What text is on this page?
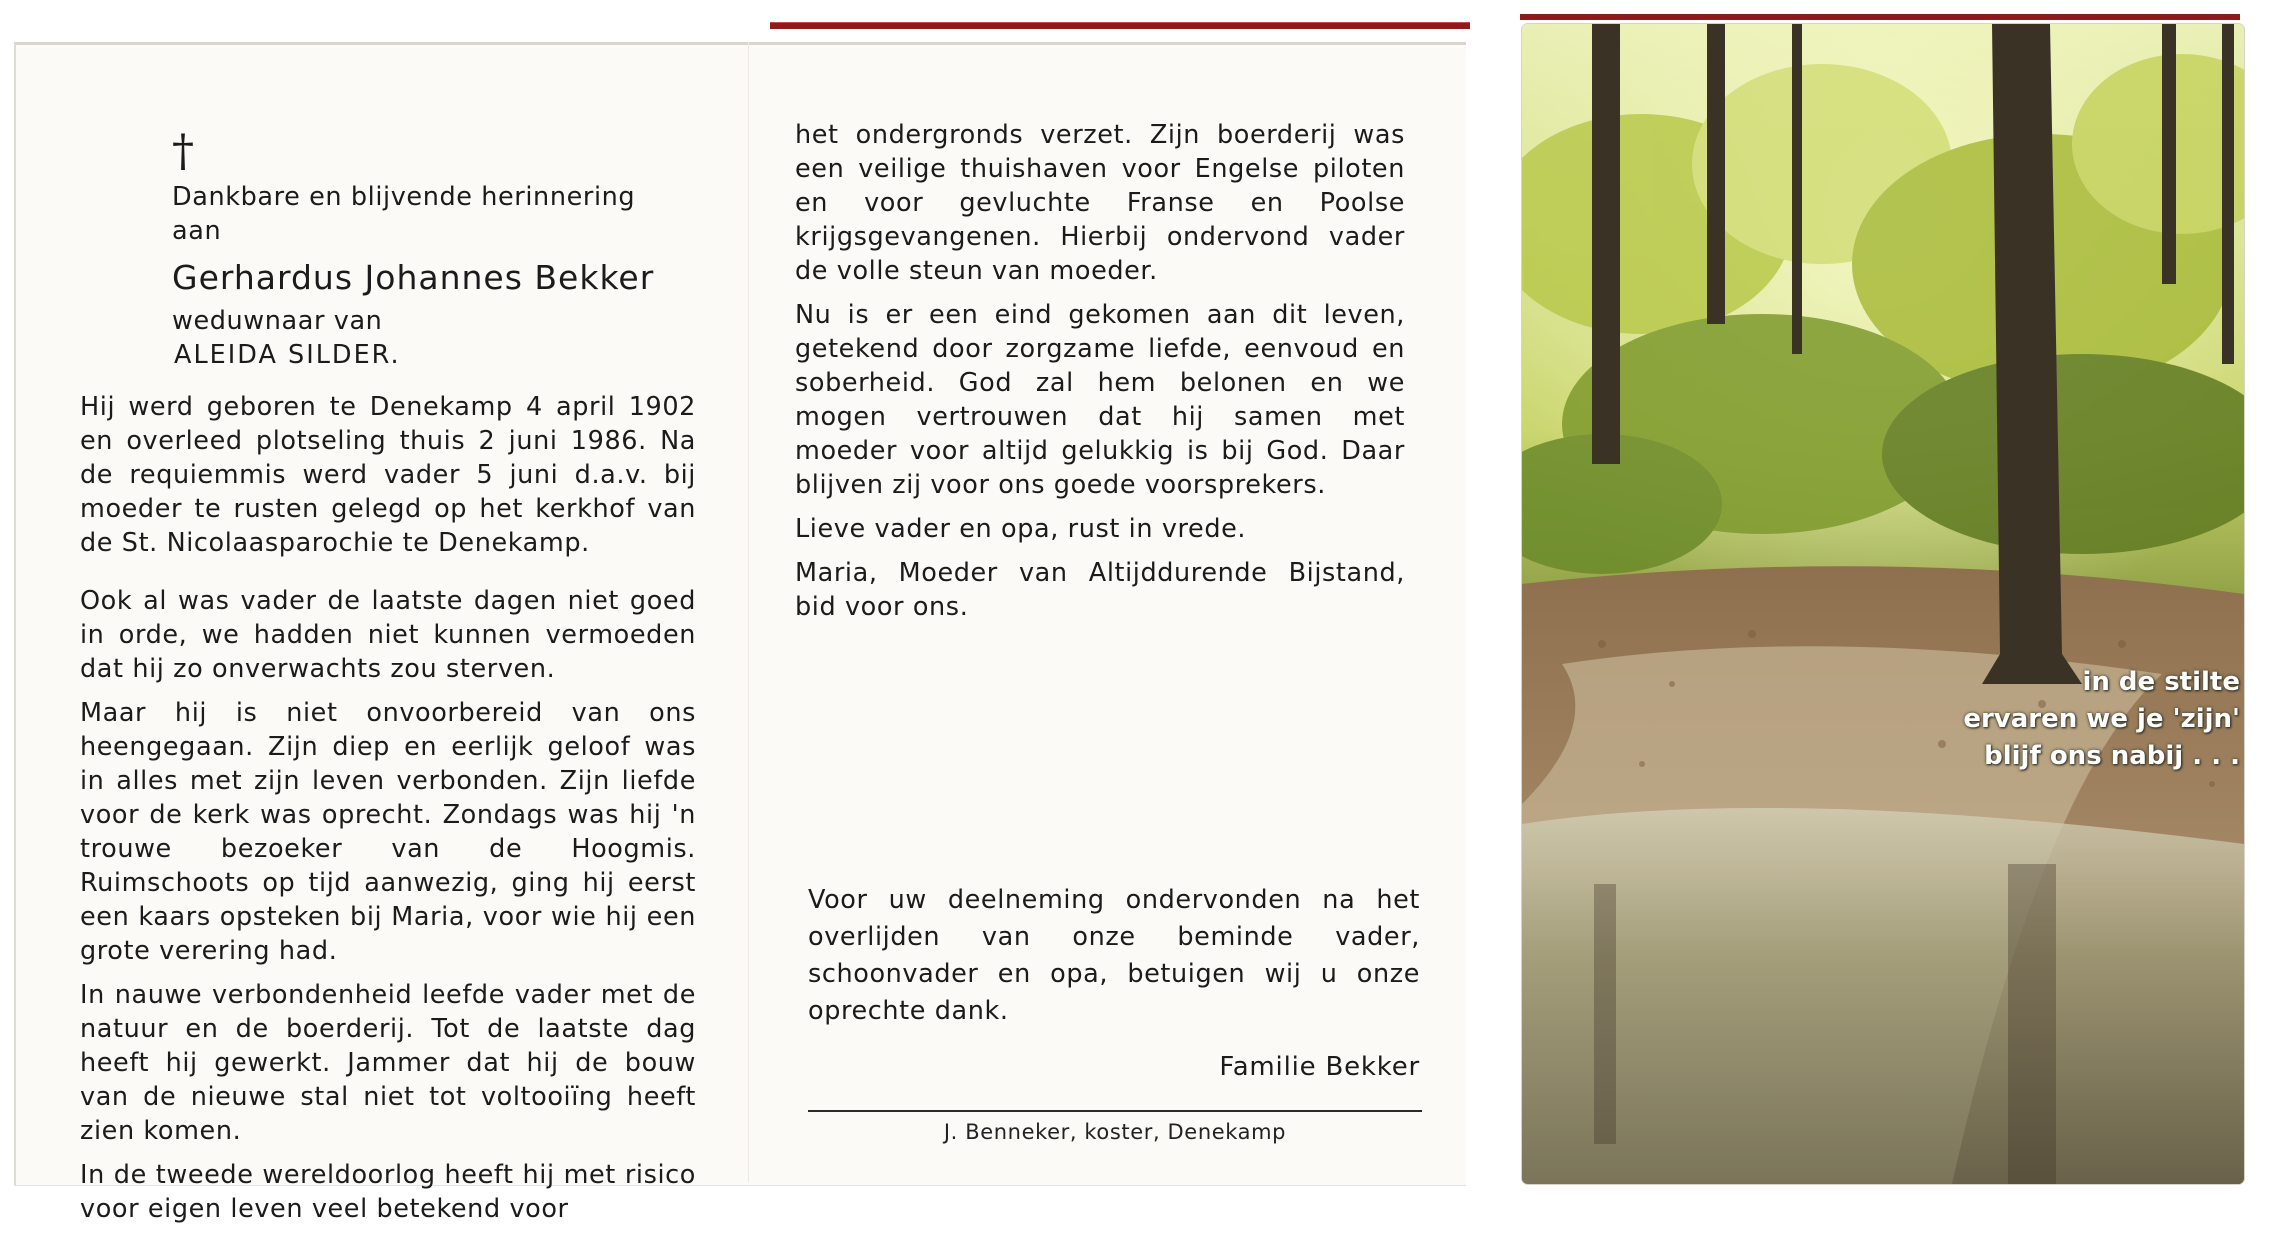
†

Dankbare en blijvende herinnering

aan

Gerhardus Johannes Bekker

weduwnaar van

ALEIDA SILDER.

Hij werd geboren te Denekamp 4 april 1902 en overleed plotseling thuis 2 juni 1986. Na de requiemmis werd vader 5 juni d.a.v. bij moeder te rusten gelegd op het kerkhof van de St. Nicolaasparochie te Denekamp.

Ook al was vader de laatste dagen niet goed in orde, we hadden niet kunnen vermoeden dat hij zo onverwachts zou sterven.

Maar hij is niet onvoorbereid van ons heengegaan. Zijn diep en eerlijk geloof was in alles met zijn leven verbonden. Zijn liefde voor de kerk was oprecht. Zondags was hij 'n trouwe bezoeker van de Hoogmis. Ruimschoots op tijd aanwezig, ging hij eerst een kaars opsteken bij Maria, voor wie hij een grote verering had.

In nauwe verbondenheid leefde vader met de natuur en de boerderij. Tot de laatste dag heeft hij gewerkt. Jammer dat hij de bouw van de nieuwe stal niet tot voltooiïng heeft zien komen.

In de tweede wereldoorlog heeft hij met risico voor eigen leven veel betekend voor

het ondergronds verzet. Zijn boerderij was een veilige thuishaven voor Engelse piloten en voor gevluchte Franse en Poolse krijgsgevangenen. Hierbij ondervond vader de volle steun van moeder.

Nu is er een eind gekomen aan dit leven, getekend door zorgzame liefde, eenvoud en soberheid. God zal hem belonen en we mogen vertrouwen dat hij samen met moeder voor altijd gelukkig is bij God. Daar blijven zij voor ons goede voorsprekers.

Lieve vader en opa, rust in vrede.

Maria, Moeder van Altijddurende Bijstand, bid voor ons.

Voor uw deelneming ondervonden na het overlijden van onze beminde vader, schoonvader en opa, betuigen wij u onze oprechte dank.
Familie Bekker
J. Benneker, koster, Denekamp
in de stilte
ervaren we je 'zijn'
blijf ons nabij . . .
